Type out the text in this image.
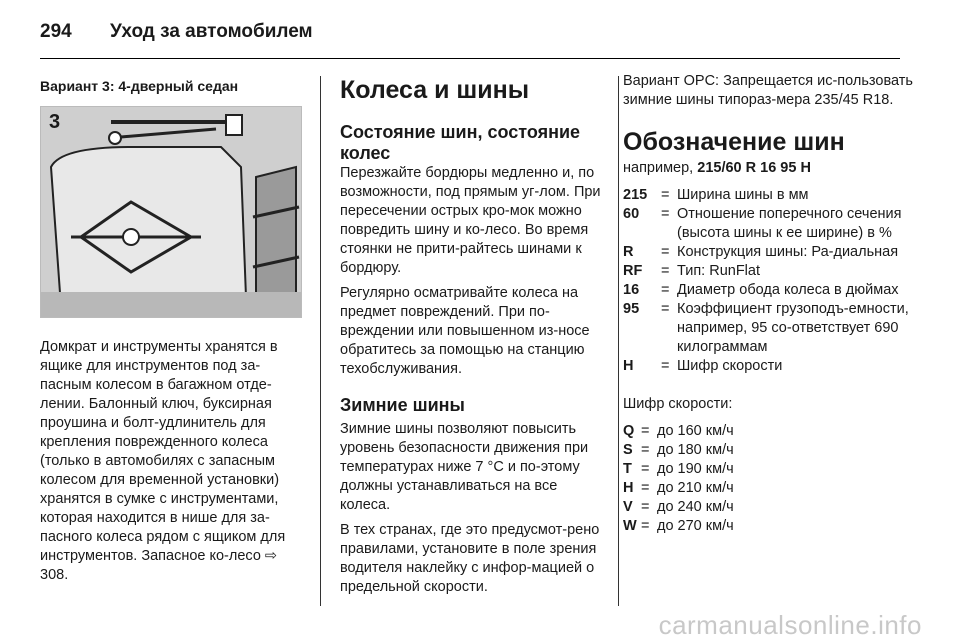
294	Уход за автомобилем
Вариант 3: 4-дверный седан
3

Домкрат и инструменты хранятся в ящике для инструментов под за-пасным колесом в багажном отде-лении. Балонный ключ, буксирная проушина и болт-удлинитель для крепления поврежденного колеса (только в автомобилях с запасным колесом для временной установки) хранятся в сумке с инструментами, которая находится в нише для за-пасного колеса рядом с ящиком для инструментов. Запасное ко-лесо ⇨ 308.

Колеса и шины
Состояние шин, состояние колес

Перезжайте бордюры медленно и, по возможности, под прямым уг-лом. При пересечении острых кро-мок можно повредить шину и ко-лесо. Во время стоянки не прити-райтесь шинами к бордюру.

Регулярно осматривайте колеса на предмет повреждений. При по-вреждении или повышенном из-носе обратитесь за помощью на станцию техобслуживания.

Зимние шины

Зимние шины позволяют повысить уровень безопасности движения при температурах ниже 7 °C и по-этому должны устанавливаться на все колеса.

В тех странах, где это предусмот-рено правилами, установите в поле зрения водителя наклейку с инфор-мацией о предельной скорости.

Вариант OPC: Запрещается ис-пользовать зимние шины типораз-мера 235/45 R18.

Обозначение шин
например, 215/60 R 16 95 H
215 = Ширина шины в мм
60	= Отношение поперечного сечения (высота шины к ее ширине) в %
R	= Конструкция шины: Ра-диальная
RF	= Тип: RunFlat
16	= Диаметр обода колеса в дюймах
95	= Коэффициент грузоподъ-емности, например, 95 со-ответствует 690 килограммам
H	= Шифр скорости
Шифр скорости:
Q = до 160 км/ч
S = до 180 км/ч
T = до 190 км/ч
H = до 210 км/ч
V = до 240 км/ч
W = до 270 км/ч
carmanualsonline.info
